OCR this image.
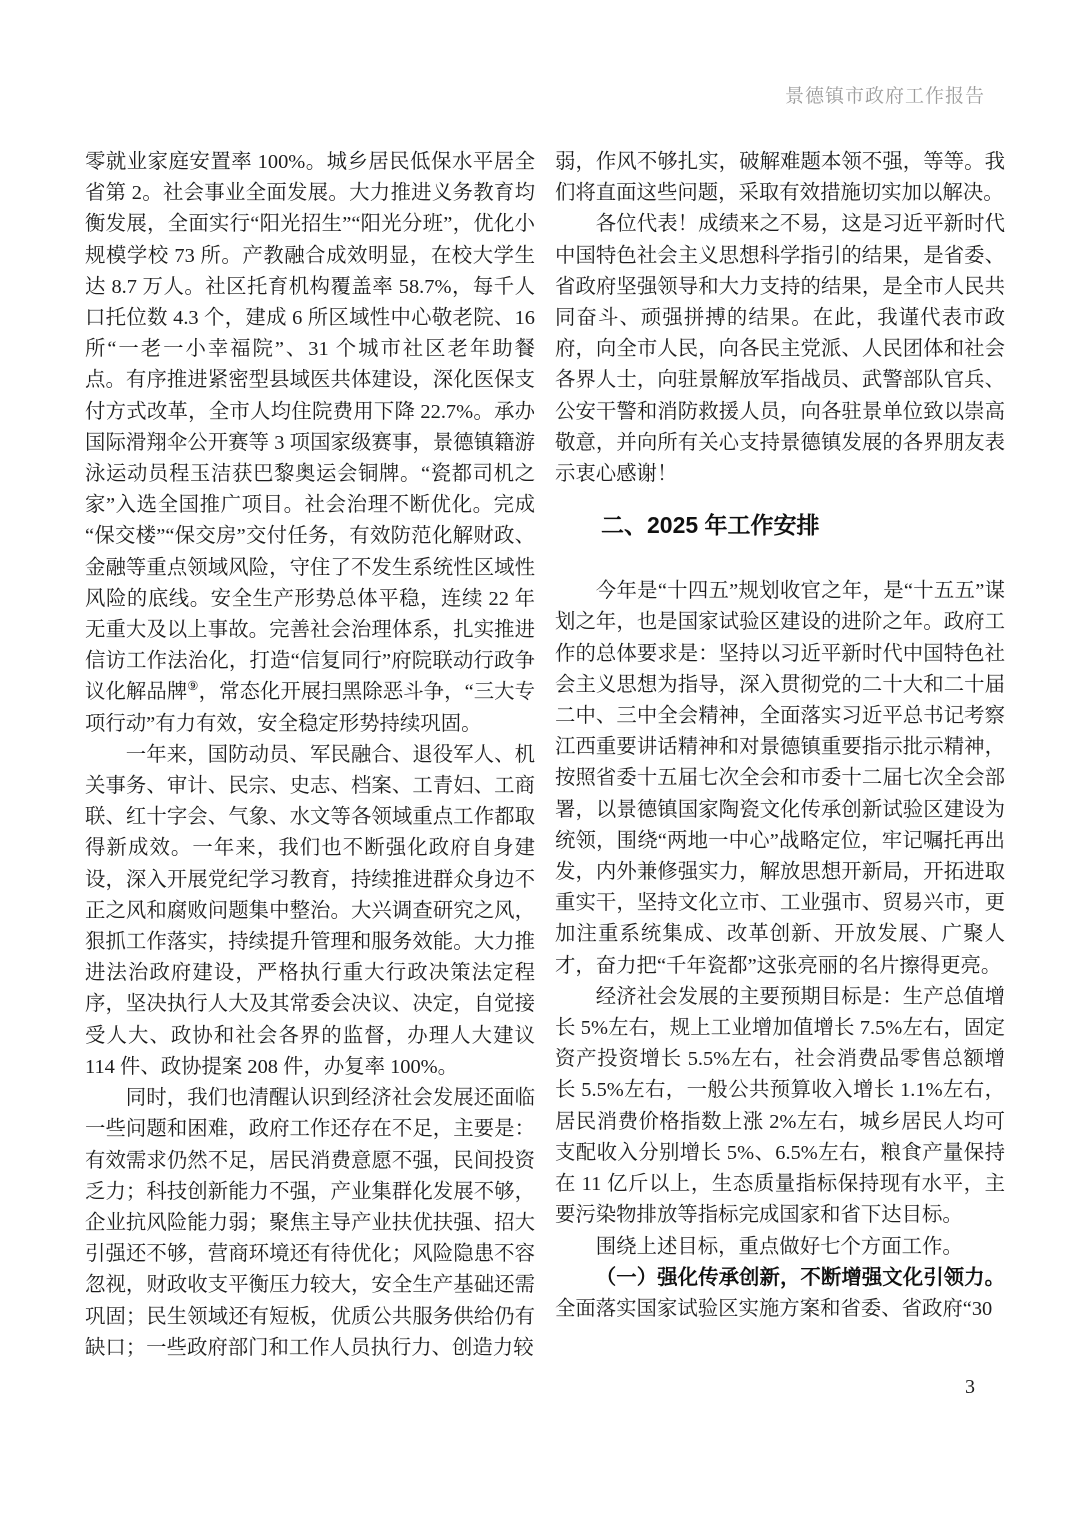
景德镇市政府工作报告

零就业家庭安置率 100%。城乡居民低保水平居全省第 2。社会事业全面发展。大力推进义务教育均衡发展，全面实行“阳光招生”“阳光分班”，优化小规模学校 73 所。产教融合成效明显，在校大学生达 8.7 万人。社区托育机构覆盖率 58.7%，每千人口托位数 4.3 个，建成 6 所区域性中心敬老院、16 所“一老一小幸福院”、31 个城市社区老年助餐点。有序推进紧密型县域医共体建设，深化医保支付方式改革，全市人均住院费用下降 22.7%。承办国际滑翔伞公开赛等 3 项国家级赛事，景德镇籍游泳运动员程玉洁获巴黎奥运会铜牌。“瓷都司机之家”入选全国推广项目。社会治理不断优化。完成“保交楼”“保交房”交付任务，有效防范化解财政、金融等重点领域风险，守住了不发生系统性区域性风险的底线。安全生产形势总体平稳，连续 22 年无重大及以上事故。完善社会治理体系，扎实推进信访工作法治化，打造“信复同行”府院联动行政争议化解品牌⑨，常态化开展扫黑除恶斗争，“三大专项行动”有力有效，安全稳定形势持续巩固。

一年来，国防动员、军民融合、退役军人、机关事务、审计、民宗、史志、档案、工青妇、工商联、红十字会、气象、水文等各领域重点工作都取得新成效。一年来，我们也不断强化政府自身建设，深入开展党纪学习教育，持续推进群众身边不正之风和腐败问题集中整治。大兴调查研究之风，狠抓工作落实，持续提升管理和服务效能。大力推进法治政府建设，严格执行重大行政决策法定程序，坚决执行人大及其常委会决议、决定，自觉接受人大、政协和社会各界的监督，办理人大建议 114 件、政协提案 208 件，办复率 100%。

同时，我们也清醒认识到经济社会发展还面临一些问题和困难，政府工作还存在不足，主要是：有效需求仍然不足，居民消费意愿不强，民间投资乏力；科技创新能力不强，产业集群化发展不够，企业抗风险能力弱；聚焦主导产业扶优扶强、招大引强还不够，营商环境还有待优化；风险隐患不容忽视，财政收支平衡压力较大，安全生产基础还需巩固；民生领域还有短板，优质公共服务供给仍有缺口；一些政府部门和工作人员执行力、创造力较

弱，作风不够扎实，破解难题本领不强，等等。我们将直面这些问题，采取有效措施切实加以解决。

各位代表！成绩来之不易，这是习近平新时代中国特色社会主义思想科学指引的结果，是省委、省政府坚强领导和大力支持的结果，是全市人民共同奋斗、顽强拼搏的结果。在此，我谨代表市政府，向全市人民，向各民主党派、人民团体和社会各界人士，向驻景解放军指战员、武警部队官兵、公安干警和消防救援人员，向各驻景单位致以崇高敬意，并向所有关心支持景德镇发展的各界朋友表示衷心感谢！

二、2025 年工作安排

今年是“十四五”规划收官之年，是“十五五”谋划之年，也是国家试验区建设的进阶之年。政府工作的总体要求是：坚持以习近平新时代中国特色社会主义思想为指导，深入贯彻党的二十大和二十届二中、三中全会精神，全面落实习近平总书记考察江西重要讲话精神和对景德镇重要指示批示精神，按照省委十五届七次全会和市委十二届七次全会部署，以景德镇国家陶瓷文化传承创新试验区建设为统领，围绕“两地一中心”战略定位，牢记嘱托再出发，内外兼修强实力，解放思想开新局，开拓进取重实干，坚持文化立市、工业强市、贸易兴市，更加注重系统集成、改革创新、开放发展、广聚人才，奋力把“千年瓷都”这张亮丽的名片擦得更亮。

经济社会发展的主要预期目标是：生产总值增长 5%左右，规上工业增加值增长 7.5%左右，固定资产投资增长 5.5%左右，社会消费品零售总额增长 5.5%左右，一般公共预算收入增长 1.1%左右，居民消费价格指数上涨 2%左右，城乡居民人均可支配收入分别增长 5%、6.5%左右，粮食产量保持在 11 亿斤以上，生态质量指标保持现有水平，主要污染物排放等指标完成国家和省下达目标。

围绕上述目标，重点做好七个方面工作。

（一）强化传承创新，不断增强文化引领力。全面落实国家试验区实施方案和省委、省政府“30

3
